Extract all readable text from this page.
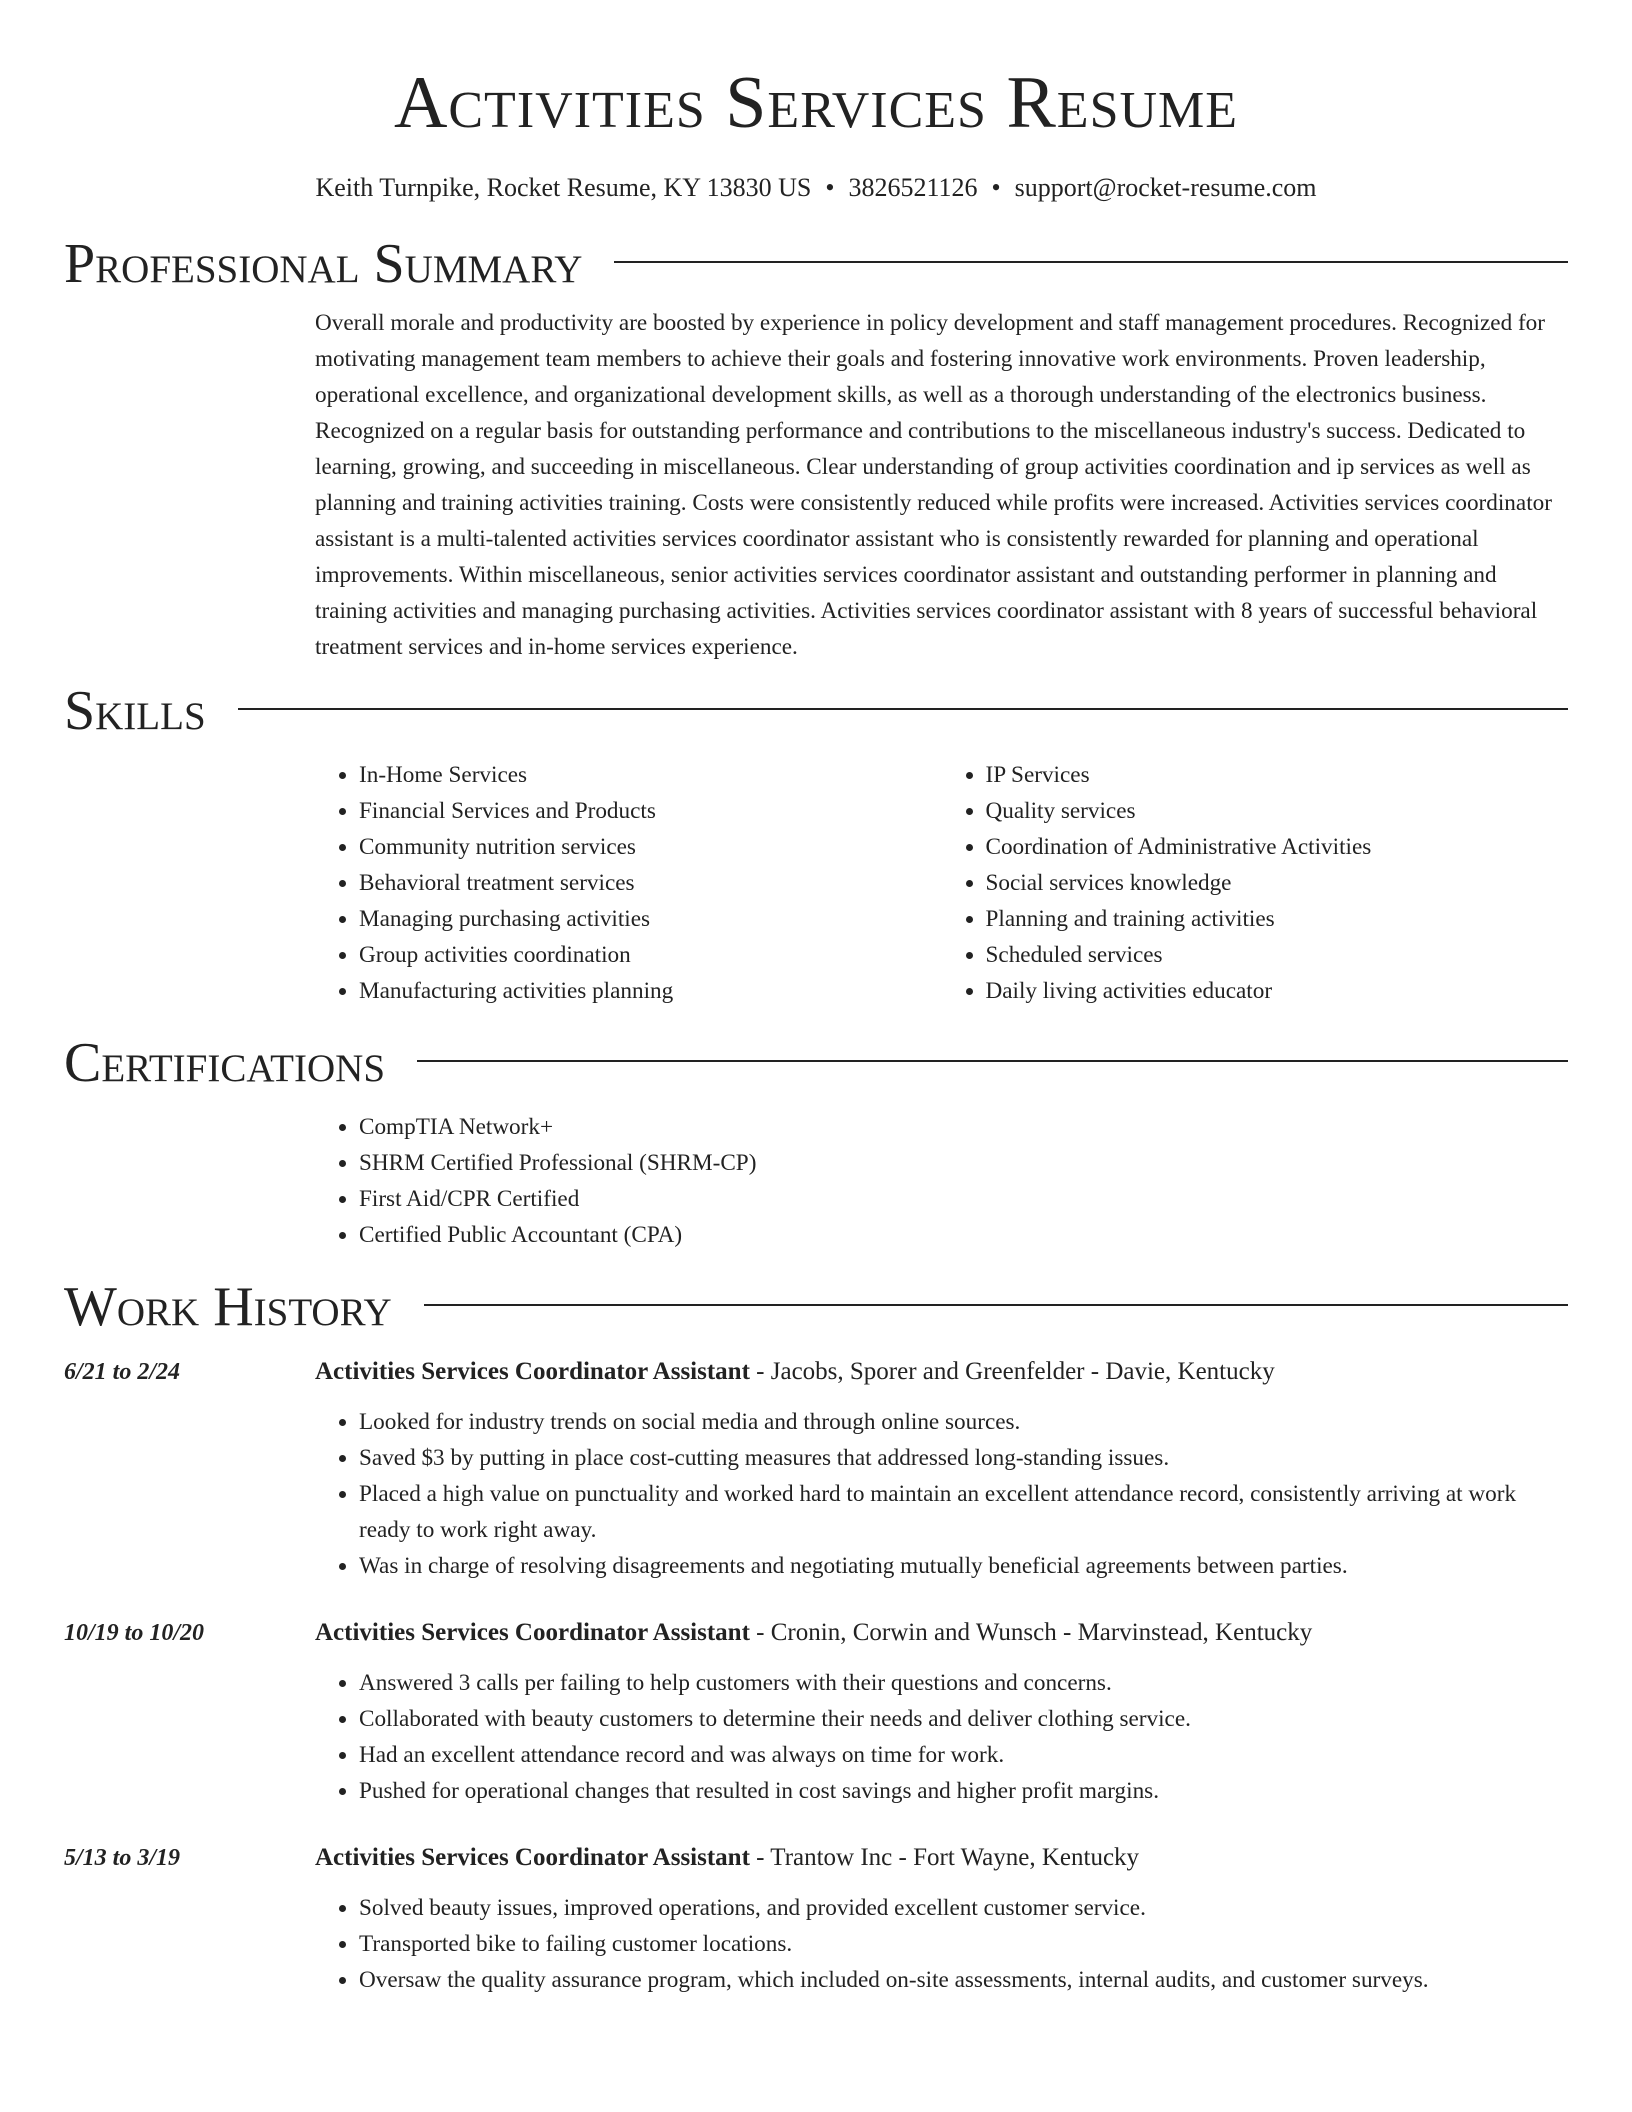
Activities Services Resume
Keith Turnpike, Rocket Resume, KY 13830 US • 3826521126 • support@rocket-resume.com
Professional Summary

Overall morale and productivity are boosted by experience in policy development and staff management procedures. Recognized for motivating management team members to achieve their goals and fostering innovative work environments. Proven leadership, operational excellence, and organizational development skills, as well as a thorough understanding of the electronics business. Recognized on a regular basis for outstanding performance and contributions to the miscellaneous industry's success. Dedicated to learning, growing, and succeeding in miscellaneous. Clear understanding of group activities coordination and ip services as well as planning and training activities training. Costs were consistently reduced while profits were increased. Activities services coordinator assistant is a multi-talented activities services coordinator assistant who is consistently rewarded for planning and operational improvements. Within miscellaneous, senior activities services coordinator assistant and outstanding performer in planning and training activities and managing purchasing activities. Activities services coordinator assistant with 8 years of successful behavioral treatment services and in-home services experience.

Skills
• In-Home Services
• Financial Services and Products
• Community nutrition services
• Behavioral treatment services
• Managing purchasing activities
• Group activities coordination
• Manufacturing activities planning
• IP Services
• Quality services
• Coordination of Administrative Activities
• Social services knowledge
• Planning and training activities
• Scheduled services
• Daily living activities educator
Certifications
• CompTIA Network+
• SHRM Certified Professional (SHRM-CP)
• First Aid/CPR Certified
• Certified Public Accountant (CPA)
Work History
6/21 to 2/24	Activities Services Coordinator Assistant - Jacobs, Sporer and Greenfelder - Davie, Kentucky
• Looked for industry trends on social media and through online sources.
• Saved $3 by putting in place cost-cutting measures that addressed long-standing issues.
• Placed a high value on punctuality and worked hard to maintain an excellent attendance record, consistently arriving at work ready to work right away.
• Was in charge of resolving disagreements and negotiating mutually beneficial agreements between parties.
10/19 to 10/20	Activities Services Coordinator Assistant - Cronin, Corwin and Wunsch - Marvinstead, Kentucky
• Answered 3 calls per failing to help customers with their questions and concerns.
• Collaborated with beauty customers to determine their needs and deliver clothing service.
• Had an excellent attendance record and was always on time for work.
• Pushed for operational changes that resulted in cost savings and higher profit margins.
5/13 to 3/19	Activities Services Coordinator Assistant - Trantow Inc - Fort Wayne, Kentucky
• Solved beauty issues, improved operations, and provided excellent customer service.
• Transported bike to failing customer locations.
• Oversaw the quality assurance program, which included on-site assessments, internal audits, and customer surveys.
